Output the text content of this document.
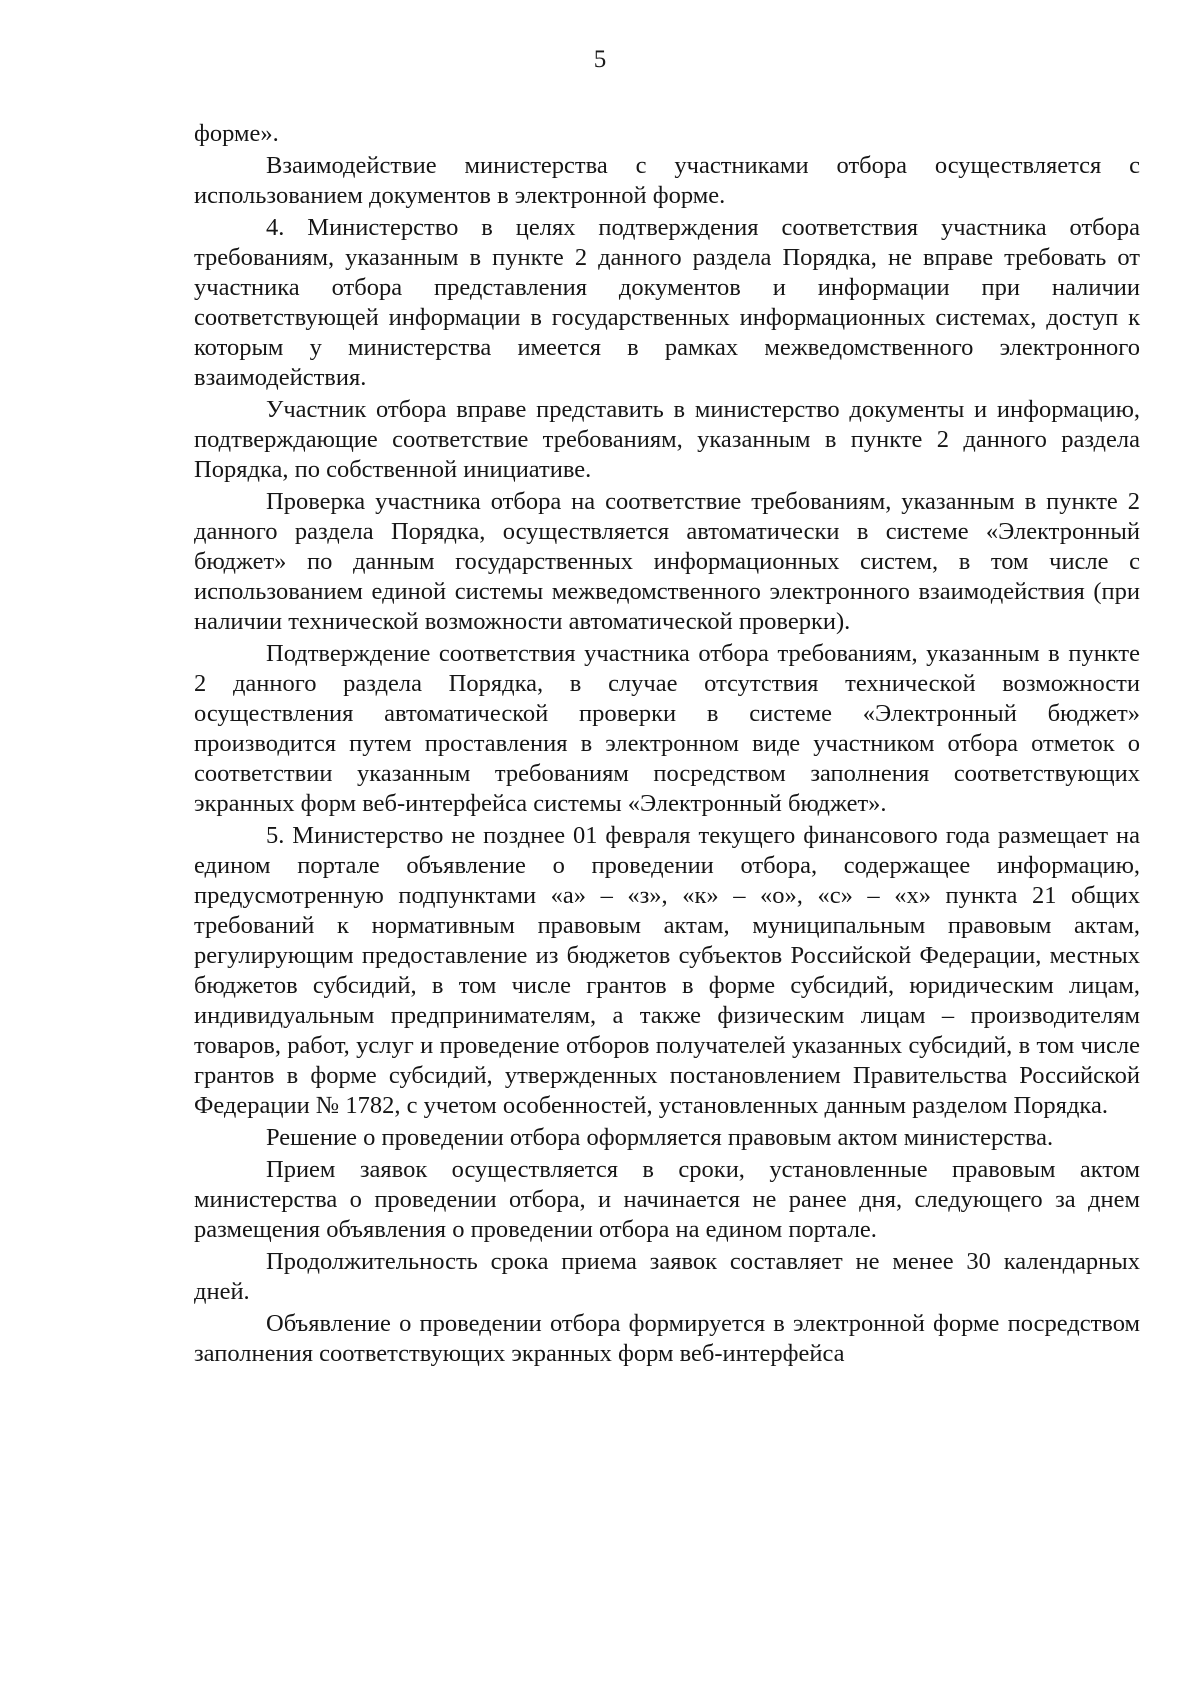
5

форме».

Взаимодействие министерства с участниками отбора осуществляется с использованием документов в электронной форме.

4. Министерство в целях подтверждения соответствия участника отбора требованиям, указанным в пункте 2 данного раздела Порядка, не вправе требовать от участника отбора представления документов и информации при наличии соответствующей информации в государственных информационных системах, доступ к которым у министерства имеется в рамках межведомственного электронного взаимодействия.

Участник отбора вправе представить в министерство документы и информацию, подтверждающие соответствие требованиям, указанным в пункте 2 данного раздела Порядка, по собственной инициативе.

Проверка участника отбора на соответствие требованиям, указанным в пункте 2 данного раздела Порядка, осуществляется автоматически в системе «Электронный бюджет» по данным государственных информационных систем, в том числе с использованием единой системы межведомственного электронного взаимодействия (при наличии технической возможности автоматической проверки).

Подтверждение соответствия участника отбора требованиям, указанным в пункте 2 данного раздела Порядка, в случае отсутствия технической возможности осуществления автоматической проверки в системе «Электронный бюджет» производится путем проставления в электронном виде участником отбора отметок о соответствии указанным требованиям посредством заполнения соответствующих экранных форм веб-интерфейса системы «Электронный бюджет».

5. Министерство не позднее 01 февраля текущего финансового года размещает на едином портале объявление о проведении отбора, содержащее информацию, предусмотренную подпунктами «а» – «з», «к» – «о», «с» – «х» пункта 21 общих требований к нормативным правовым актам, муниципальным правовым актам, регулирующим предоставление из бюджетов субъектов Российской Федерации, местных бюджетов субсидий, в том числе грантов в форме субсидий, юридическим лицам, индивидуальным предпринимателям, а также физическим лицам – производителям товаров, работ, услуг и проведение отборов получателей указанных субсидий, в том числе грантов в форме субсидий, утвержденных постановлением Правительства Российской Федерации № 1782, с учетом особенностей, установленных данным разделом Порядка.

Решение о проведении отбора оформляется правовым актом министерства.

Прием заявок осуществляется в сроки, установленные правовым актом министерства о проведении отбора, и начинается не ранее дня, следующего за днем размещения объявления о проведении отбора на едином портале.

Продолжительность срока приема заявок составляет не менее 30 календарных дней.

Объявление о проведении отбора формируется в электронной форме посредством заполнения соответствующих экранных форм веб-интерфейса
